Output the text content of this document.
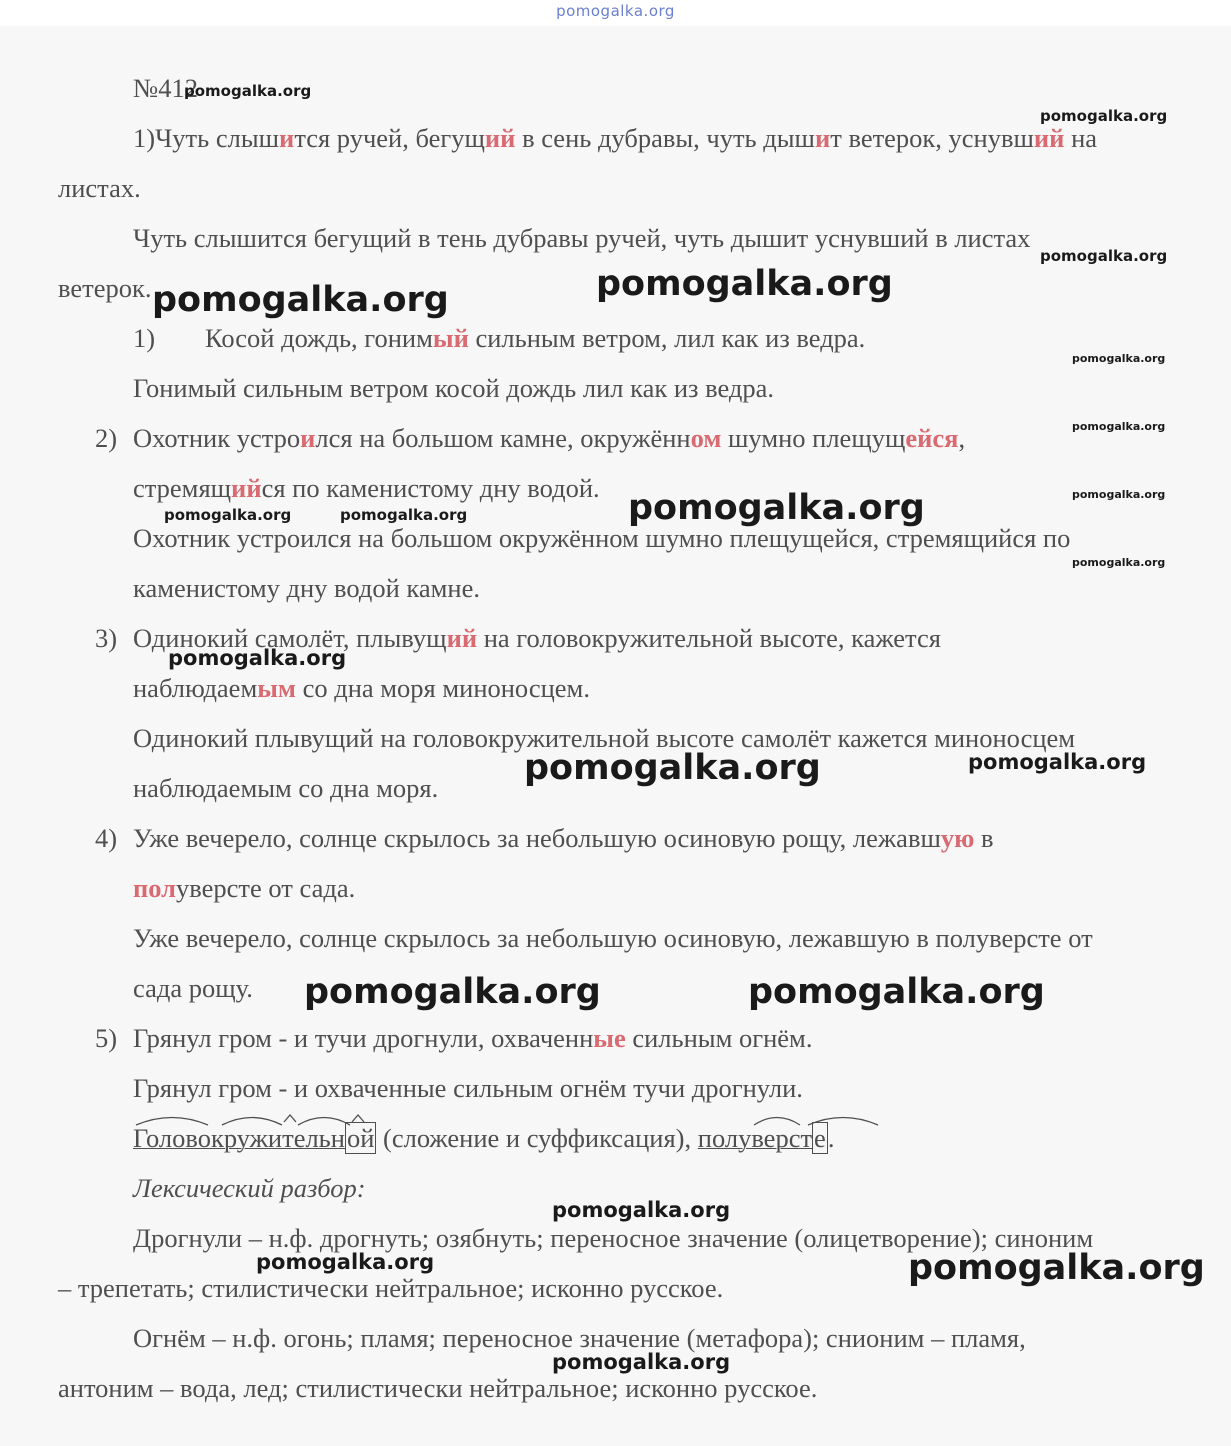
pomogalka.org
№412
1)Чуть слышится ручей, бегущий в сень дубравы, чуть дышит ветерок, уснувший на
листах.
Чуть слышится бегущий в тень дубравы ручей, чуть дышит уснувший в листах
ветерок.
1) Косой дождь, гонимый сильным ветром, лил как из ведра.
Гонимый сильным ветром косой дождь лил как из ведра.
2) Охотник устроился на большом камне, окружённом шумно плещущейся,
стремящийся по каменистому дну водой.
Охотник устроился на большом окружённом шумно плещущейся, стремящийся по
каменистому дну водой камне.
3) Одинокий самолёт, плывущий на головокружительной высоте, кажется
наблюдаемым со дна моря миноносцем.
Одинокий плывущий на головокружительной высоте самолёт кажется миноносцем
наблюдаемым со дна моря.
4) Уже вечерело, солнце скрылось за небольшую осиновую рощу, лежавшую в
полуверсте от сада.
Уже вечерело, солнце скрылось за небольшую осиновую, лежавшую в полуверсте от
сада рощу.
5) Грянул гром - и тучи дрогнули, охваченные сильным огнём.
Грянул гром - и охваченные сильным огнём тучи дрогнули.
Головокружительной (сложение и суффиксация), полуверсте.
Лексический разбор:
Дрогнули – н.ф. дрогнуть; озябнуть; переносное значение (олицетворение); синоним
– трепетать; стилистически нейтральное; исконно русское.
Огнём – н.ф. огонь; пламя; переносное значение (метафора); снионим – пламя,
антоним – вода, лед; стилистически нейтральное; исконно русское.
pomogalka.org
pomogalka.org
pomogalka.org
pomogalka.org	pomogalka.org
pomogalka.org
pomogalka.org
pomogalka.org
pomogalka.org
pomogalka.org	pomogalka.org	pomogalka.org
pomogalka.org
pomogalka.org	pomogalka.org
pomogalka.org	pomogalka.org
pomogalka.org
pomogalka.org	pomogalka.org
pomogalka.org
